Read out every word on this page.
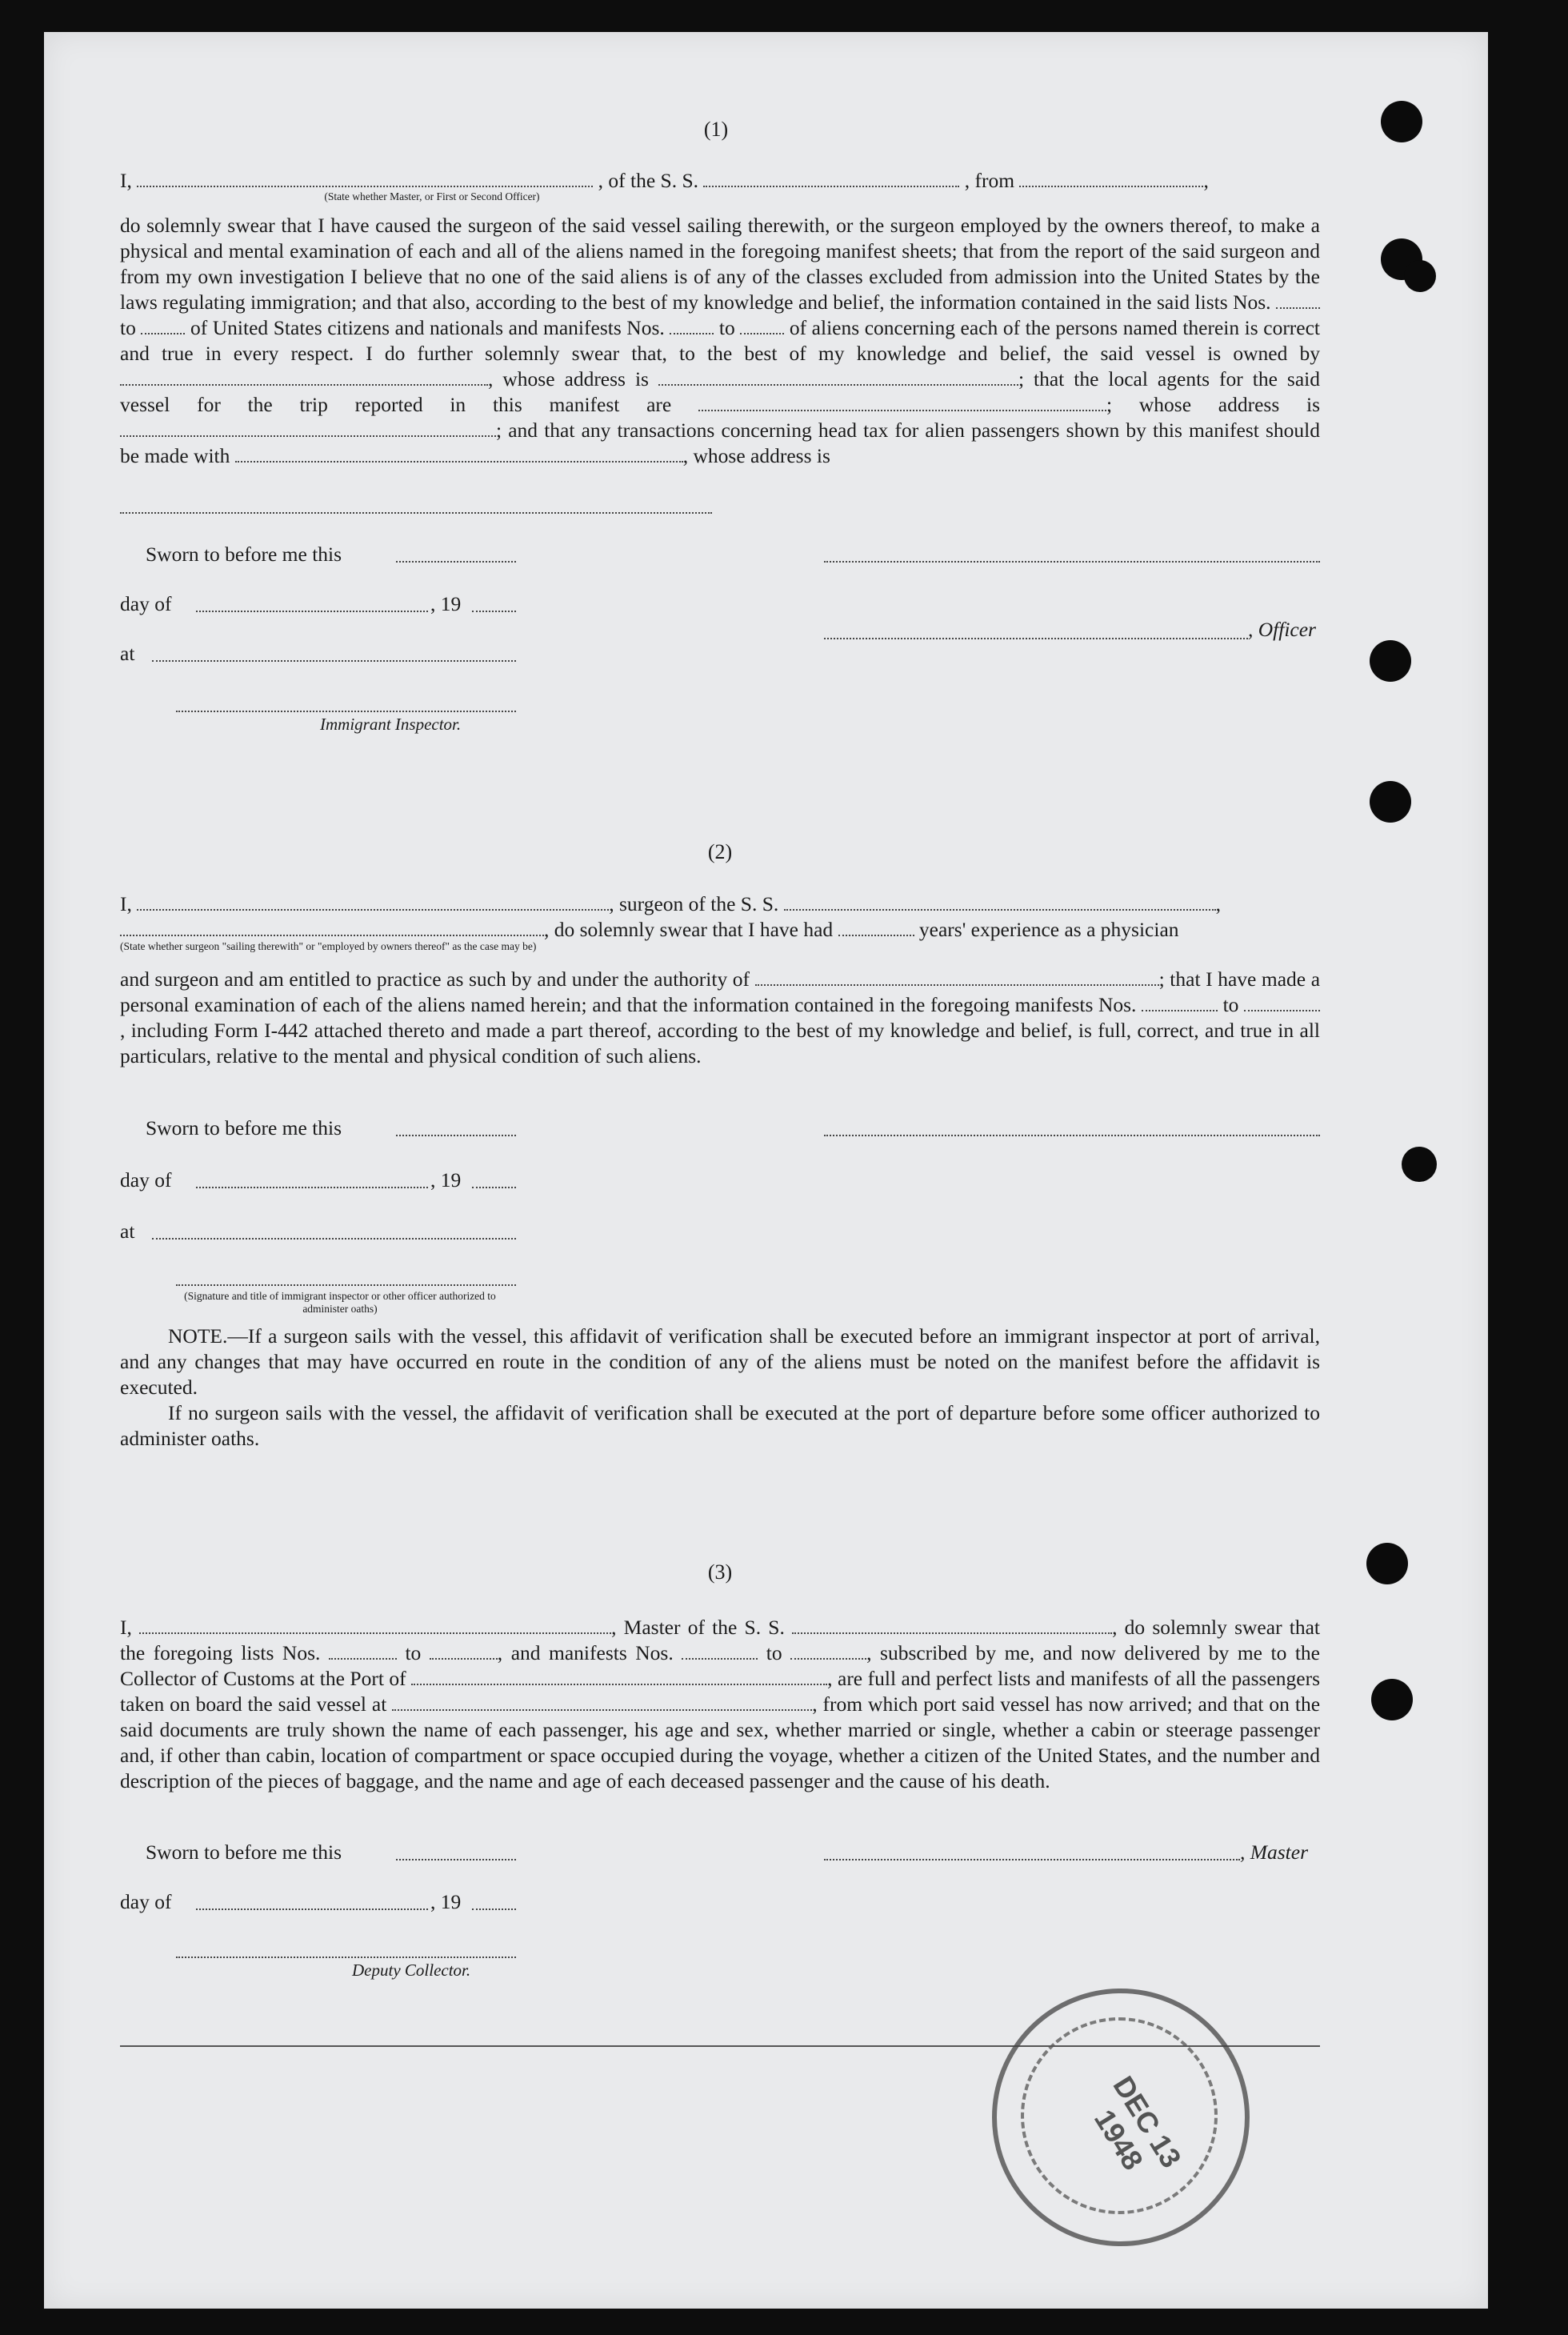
(1)

I,	, of the S. S.	, from	,

(State whether Master, or First or Second Officer)

do solemnly swear that I have caused the surgeon of the said vessel sailing therewith, or the surgeon employed by the owners thereof, to make a physical and mental examination of each and all of the aliens named in the foregoing manifest sheets; that from the report of the said surgeon and from my own investigation I believe that no one of the said aliens is of any of the classes excluded from admission into the United States by the laws regulating immigration; and that also, according to the best of my knowledge and belief, the information contained in the said lists Nos.  to	of United States citizens and nationals and manifests Nos.	to	of aliens concerning each of the persons named therein is correct and true in every respect. I do further solemnly swear that, to the best of my knowledge and belief, the said vessel is owned by , whose address is	; that the local agents for the said vessel for the trip reported in this manifest are	; whose address is ; and that any transactions concerning head tax for alien passengers shown by this manifest should be made with	, whose address is

Sworn to before me this
day of	, 19
, Officer
at
Immigrant Inspector.
(2)

I,	, surgeon of the S. S.	,

, do solemnly swear that I have had	years' experience as a physician

(State whether surgeon "sailing therewith" or "employed by owners thereof" as the case may be)

and surgeon and am entitled to practice as such by and under the authority of	; that I have made a personal examination of each of the aliens named herein; and that the information contained in the foregoing manifests Nos.	to , including Form I-442 attached thereto and made a part thereof, according to the best of my knowledge and belief, is full, correct, and true in all particulars, relative to the mental and physical condition of such aliens.

Sworn to before me this
day of	, 19
at
(Signature and title of immigrant inspector or other officer authorized to administer oaths)

NOTE.—If a surgeon sails with the vessel, this affidavit of verification shall be executed before an immigrant inspector at port of arrival, and any changes that may have occurred en route in the condition of any of the aliens must be noted on the manifest before the affidavit is executed.

If no surgeon sails with the vessel, the affidavit of verification shall be executed at the port of departure before some officer authorized to administer oaths.

(3)

I,	, Master of the S. S.	, do solemnly swear that the foregoing lists Nos.	to	, and manifests Nos.	to	, subscribed by me, and now delivered by me to the Collector of Customs at the Port of	, are full and perfect lists and manifests of all the passengers taken on board the said vessel at	, from which port said vessel has now arrived; and that on the said documents are truly shown the name of each passenger, his age and sex, whether married or single, whether a cabin or steerage passenger and, if other than cabin, location of compartment or space occupied during the voyage, whether a citizen of the United States, and the number and description of the pieces of baggage, and the name and age of each deceased passenger and the cause of his death.

Sworn to before me this	, Master
day of	, 19
Deputy Collector.
DEC 13 1948
